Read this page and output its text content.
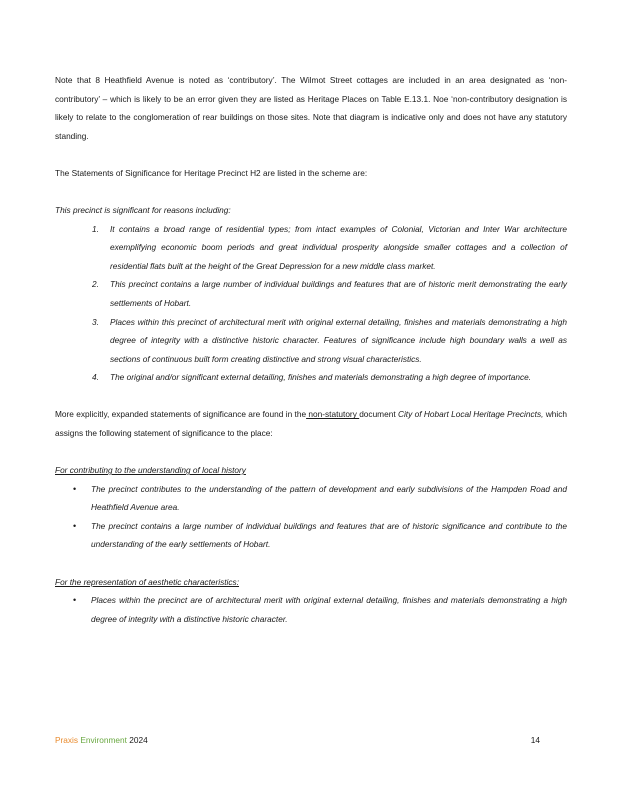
Note that 8 Heathfield Avenue is noted as ‘contributory’. The Wilmot Street cottages are included in an area designated as ‘non-contributory’ – which is likely to be an error given they are listed as Heritage Places on Table E.13.1. Noe ‘non-contributory designation is likely to relate to the conglomeration of rear buildings on those sites. Note that diagram is indicative only and does not have any statutory standing.

The Statements of Significance for Heritage Precinct H2 are listed in the scheme are:

This precinct is significant for reasons including:

1. It contains a broad range of residential types; from intact examples of Colonial, Victorian and Inter War architecture exemplifying economic boom periods and great individual prosperity alongside smaller cottages and a collection of residential flats built at the height of the Great Depression for a new middle class market.
2. This precinct contains a large number of individual buildings and features that are of historic merit demonstrating the early settlements of Hobart.
3. Places within this precinct of architectural merit with original external detailing, finishes and materials demonstrating a high degree of integrity with a distinctive historic character. Features of significance include high boundary walls a well as sections of continuous built form creating distinctive and strong visual characteristics.
4. The original and/or significant external detailing, finishes and materials demonstrating a high degree of importance.

More explicitly, expanded statements of significance are found in the non-statutory document City of Hobart Local Heritage Precincts, which assigns the following statement of significance to the place:

For contributing to the understanding of local history

• The precinct contributes to the understanding of the pattern of development and early subdivisions of the Hampden Road and Heathfield Avenue area.
• The precinct contains a large number of individual buildings and features that are of historic significance and contribute to the understanding of the early settlements of Hobart.

For the representation of aesthetic characteristics:

• Places within the precinct are of architectural merit with original external detailing, finishes and materials demonstrating a high degree of integrity with a distinctive historic character.
Praxis Environment 2024	14
